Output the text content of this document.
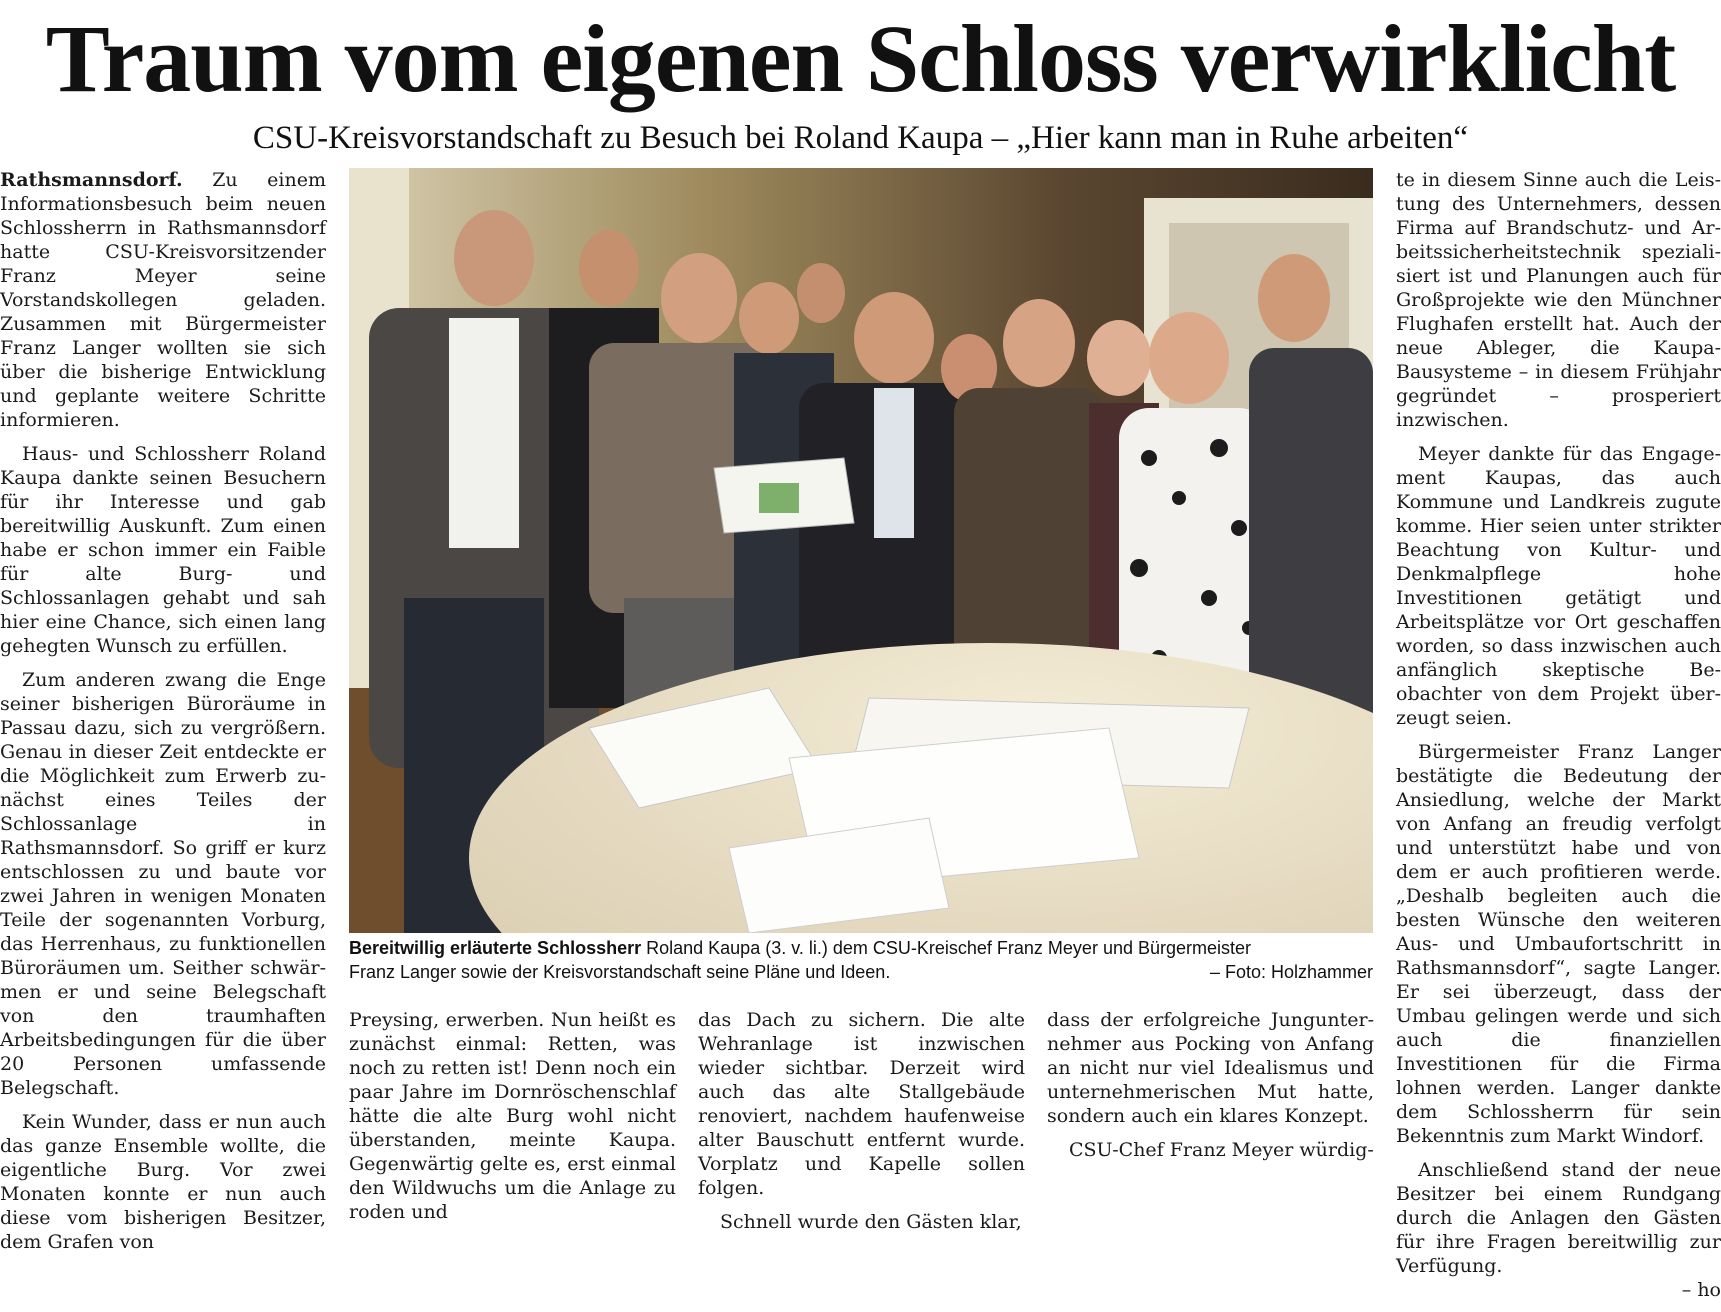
Traum vom eigenen Schloss verwirklicht
CSU-Kreisvorstandschaft zu Besuch bei Roland Kaupa – „Hier kann man in Ruhe arbeiten“

Rathsmannsdorf. Zu einem Informationsbesuch beim neuen Schlossherrn in Rathsmannsdorf hatte CSU-Kreisvorsitzender Franz Meyer seine Vorstandskollegen geladen. Zusammen mit Bürgermeister Franz Langer wollten sie sich über die bisherige Entwicklung und geplante weitere Schritte informieren.

Haus- und Schlossherr Roland Kaupa dankte seinen Besuchern für ihr Interesse und gab bereitwillig Auskunft. Zum einen habe er schon immer ein Faible für alte Burg- und Schlossanlagen gehabt und sah hier eine Chance, sich einen lang gehegten Wunsch zu erfüllen.

Zum anderen zwang die Enge seiner bisherigen Büroräume in Passau dazu, sich zu vergrößern. Genau in dieser Zeit entdeckte er die Möglichkeit zum Erwerb zunächst eines Teiles der Schlossanlage in Rathsmannsdorf. So griff er kurz entschlossen zu und baute vor zwei Jahren in wenigen Monaten Teile der sogenannten Vorburg, das Herrenhaus, zu funktionellen Büroräumen um. Seither schwärmen er und seine Belegschaft von den traumhaften Arbeitsbedingungen für die über 20 Personen umfassende Belegschaft.

Kein Wunder, dass er nun auch das ganze Ensemble wollte, die eigentliche Burg. Vor zwei Monaten konnte er nun auch diese vom bisherigen Besitzer, dem Grafen von

Bereitwillig erläuterte Schlossherr Roland Kaupa (3. v. li.) dem CSU-Kreischef Franz Meyer und Bürgermeister
Franz Langer sowie der Kreisvorstandschaft seine Pläne und Ideen.	– Foto: Holzhammer

Preysing, erwerben. Nun heißt es zunächst einmal: Retten, was noch zu retten ist! Denn noch ein paar Jahre im Dornröschenschlaf hätte die alte Burg wohl nicht überstanden, meinte Kaupa. Gegenwärtig gelte es, erst einmal den Wildwuchs um die Anlage zu roden und

das Dach zu sichern. Die alte Wehranlage ist inzwischen wieder sichtbar. Derzeit wird auch das alte Stallgebäude renoviert, nachdem haufenweise alter Bauschutt entfernt wurde. Vorplatz und Kapelle sollen folgen.

Schnell wurde den Gästen klar,

dass der erfolgreiche Jungunternehmer aus Pocking von Anfang an nicht nur viel Idealismus und unternehmerischen Mut hatte, sondern auch ein klares Konzept.

CSU-Chef Franz Meyer würdig-

te in diesem Sinne auch die Leistung des Unternehmers, dessen Firma auf Brandschutz- und Arbeitssicherheitstechnik spezialisiert ist und Planungen auch für Großprojekte wie den Münchner Flughafen erstellt hat. Auch der neue Ableger, die Kaupa-Bausysteme – in diesem Frühjahr gegründet – prosperiert inzwischen.

Meyer dankte für das Engagement Kaupas, das auch Kommune und Landkreis zugute komme. Hier seien unter strikter Beachtung von Kultur- und Denkmalpflege hohe Investitionen getätigt und Arbeitsplätze vor Ort geschaffen worden, so dass inzwischen auch anfänglich skeptische Beobachter von dem Projekt überzeugt seien.

Bürgermeister Franz Langer bestätigte die Bedeutung der Ansiedlung, welche der Markt von Anfang an freudig verfolgt und unterstützt habe und von dem er auch profitieren werde. „Deshalb begleiten auch die besten Wünsche den weiteren Aus- und Umbaufortschritt in Rathsmannsdorf“, sagte Langer. Er sei überzeugt, dass der Umbau gelingen werde und sich auch die finanziellen Investitionen für die Firma lohnen werden. Langer dankte dem Schlossherrn für sein Bekenntnis zum Markt Windorf.

Anschließend stand der neue Besitzer bei einem Rundgang durch die Anlagen den Gästen für ihre Fragen bereitwillig zur Verfügung.
– ho
